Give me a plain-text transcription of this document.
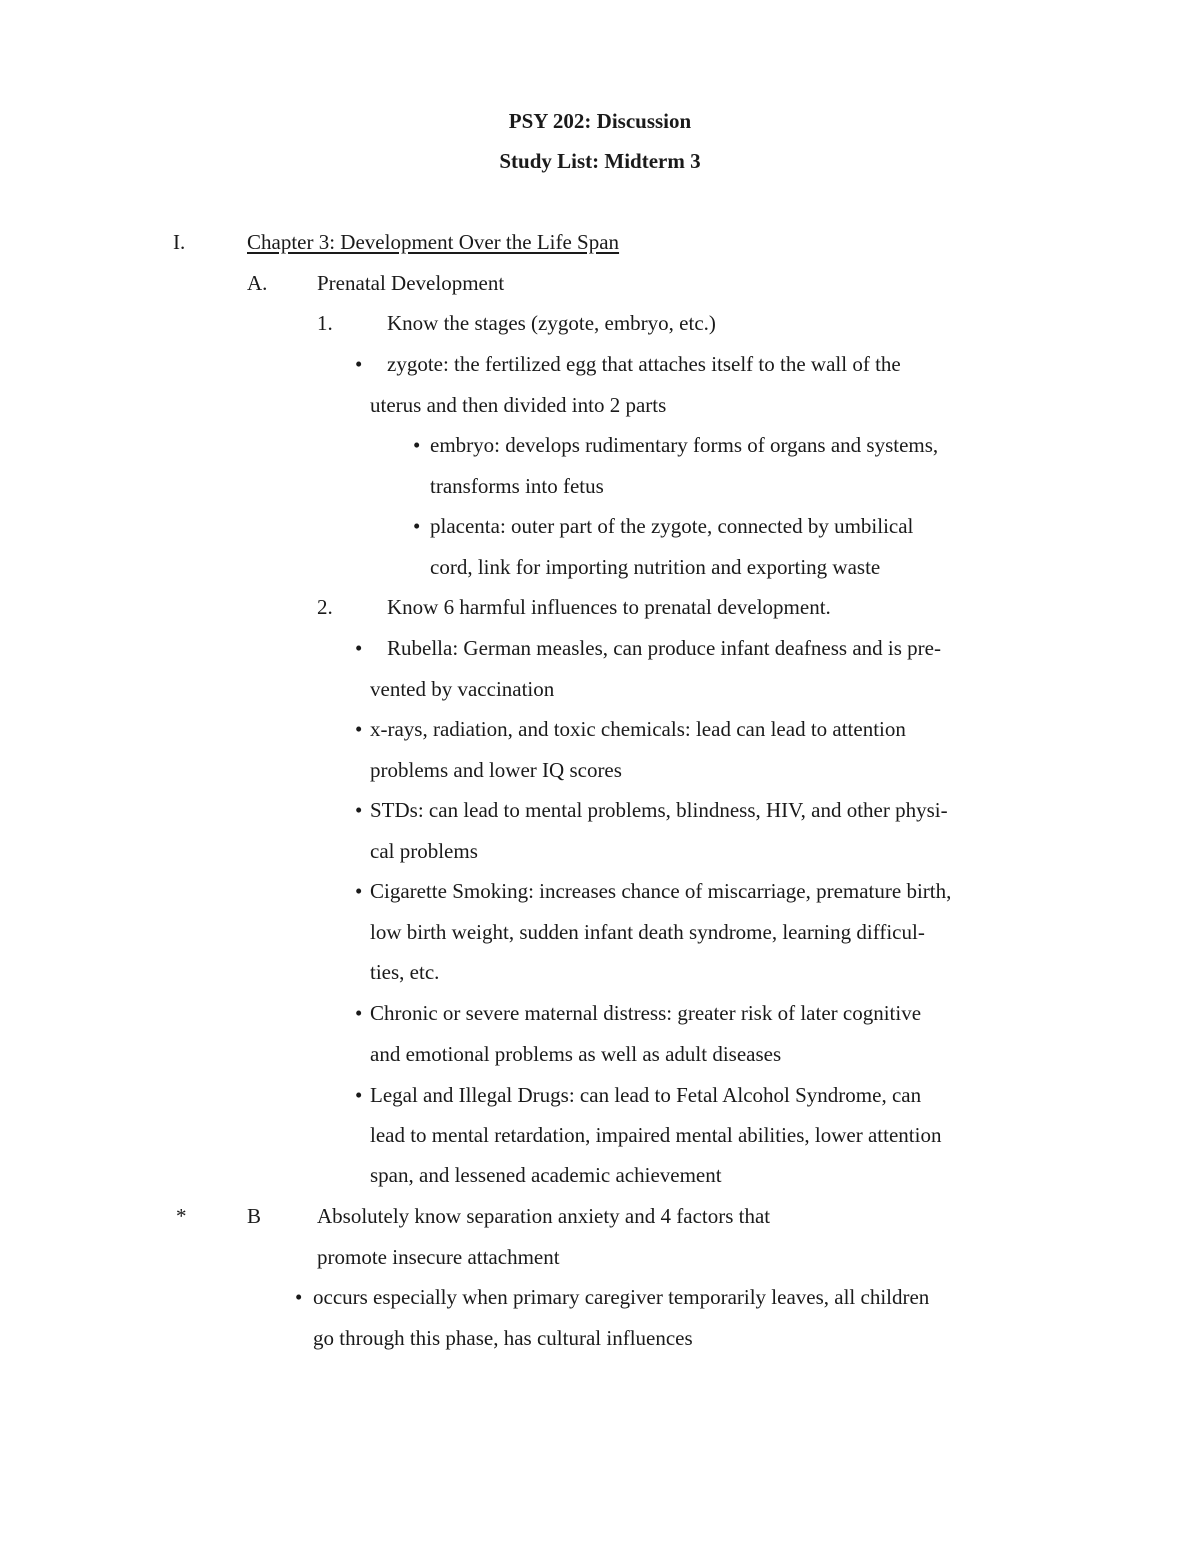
PSY 202: Discussion
Study List: Midterm 3
I.	Chapter 3: Development Over the Life Span
A. Prenatal Development
1.	Know the stages (zygote, embryo, etc.)
• zygote: the fertilized egg that attaches itself to the wall of the
uterus and then divided into 2 parts
• embryo: develops rudimentary forms of organs and systems,
transforms into fetus
• placenta: outer part of the zygote, connected by umbilical
cord, link for importing nutrition and exporting waste
2.	Know 6 harmful influences to prenatal development.
• Rubella: German measles, can produce infant deafness and is pre-
vented by vaccination
• x-rays, radiation, and toxic chemicals: lead can lead to attention
problems and lower IQ scores
• STDs: can lead to mental problems, blindness, HIV, and other physi-
cal problems
• Cigarette Smoking: increases chance of miscarriage, premature birth,
low birth weight, sudden infant death syndrome, learning difficul-
ties, etc.
• Chronic or severe maternal distress: greater risk of later cognitive
and emotional problems as well as adult diseases
• Legal and Illegal Drugs: can lead to Fetal Alcohol Syndrome, can
lead to mental retardation, impaired mental abilities, lower attention
span, and lessened academic achievement
*	B	Absolutely know separation anxiety and 4 factors that
promote insecure attachment
• occurs especially when primary caregiver temporarily leaves, all children
go through this phase, has cultural influences
